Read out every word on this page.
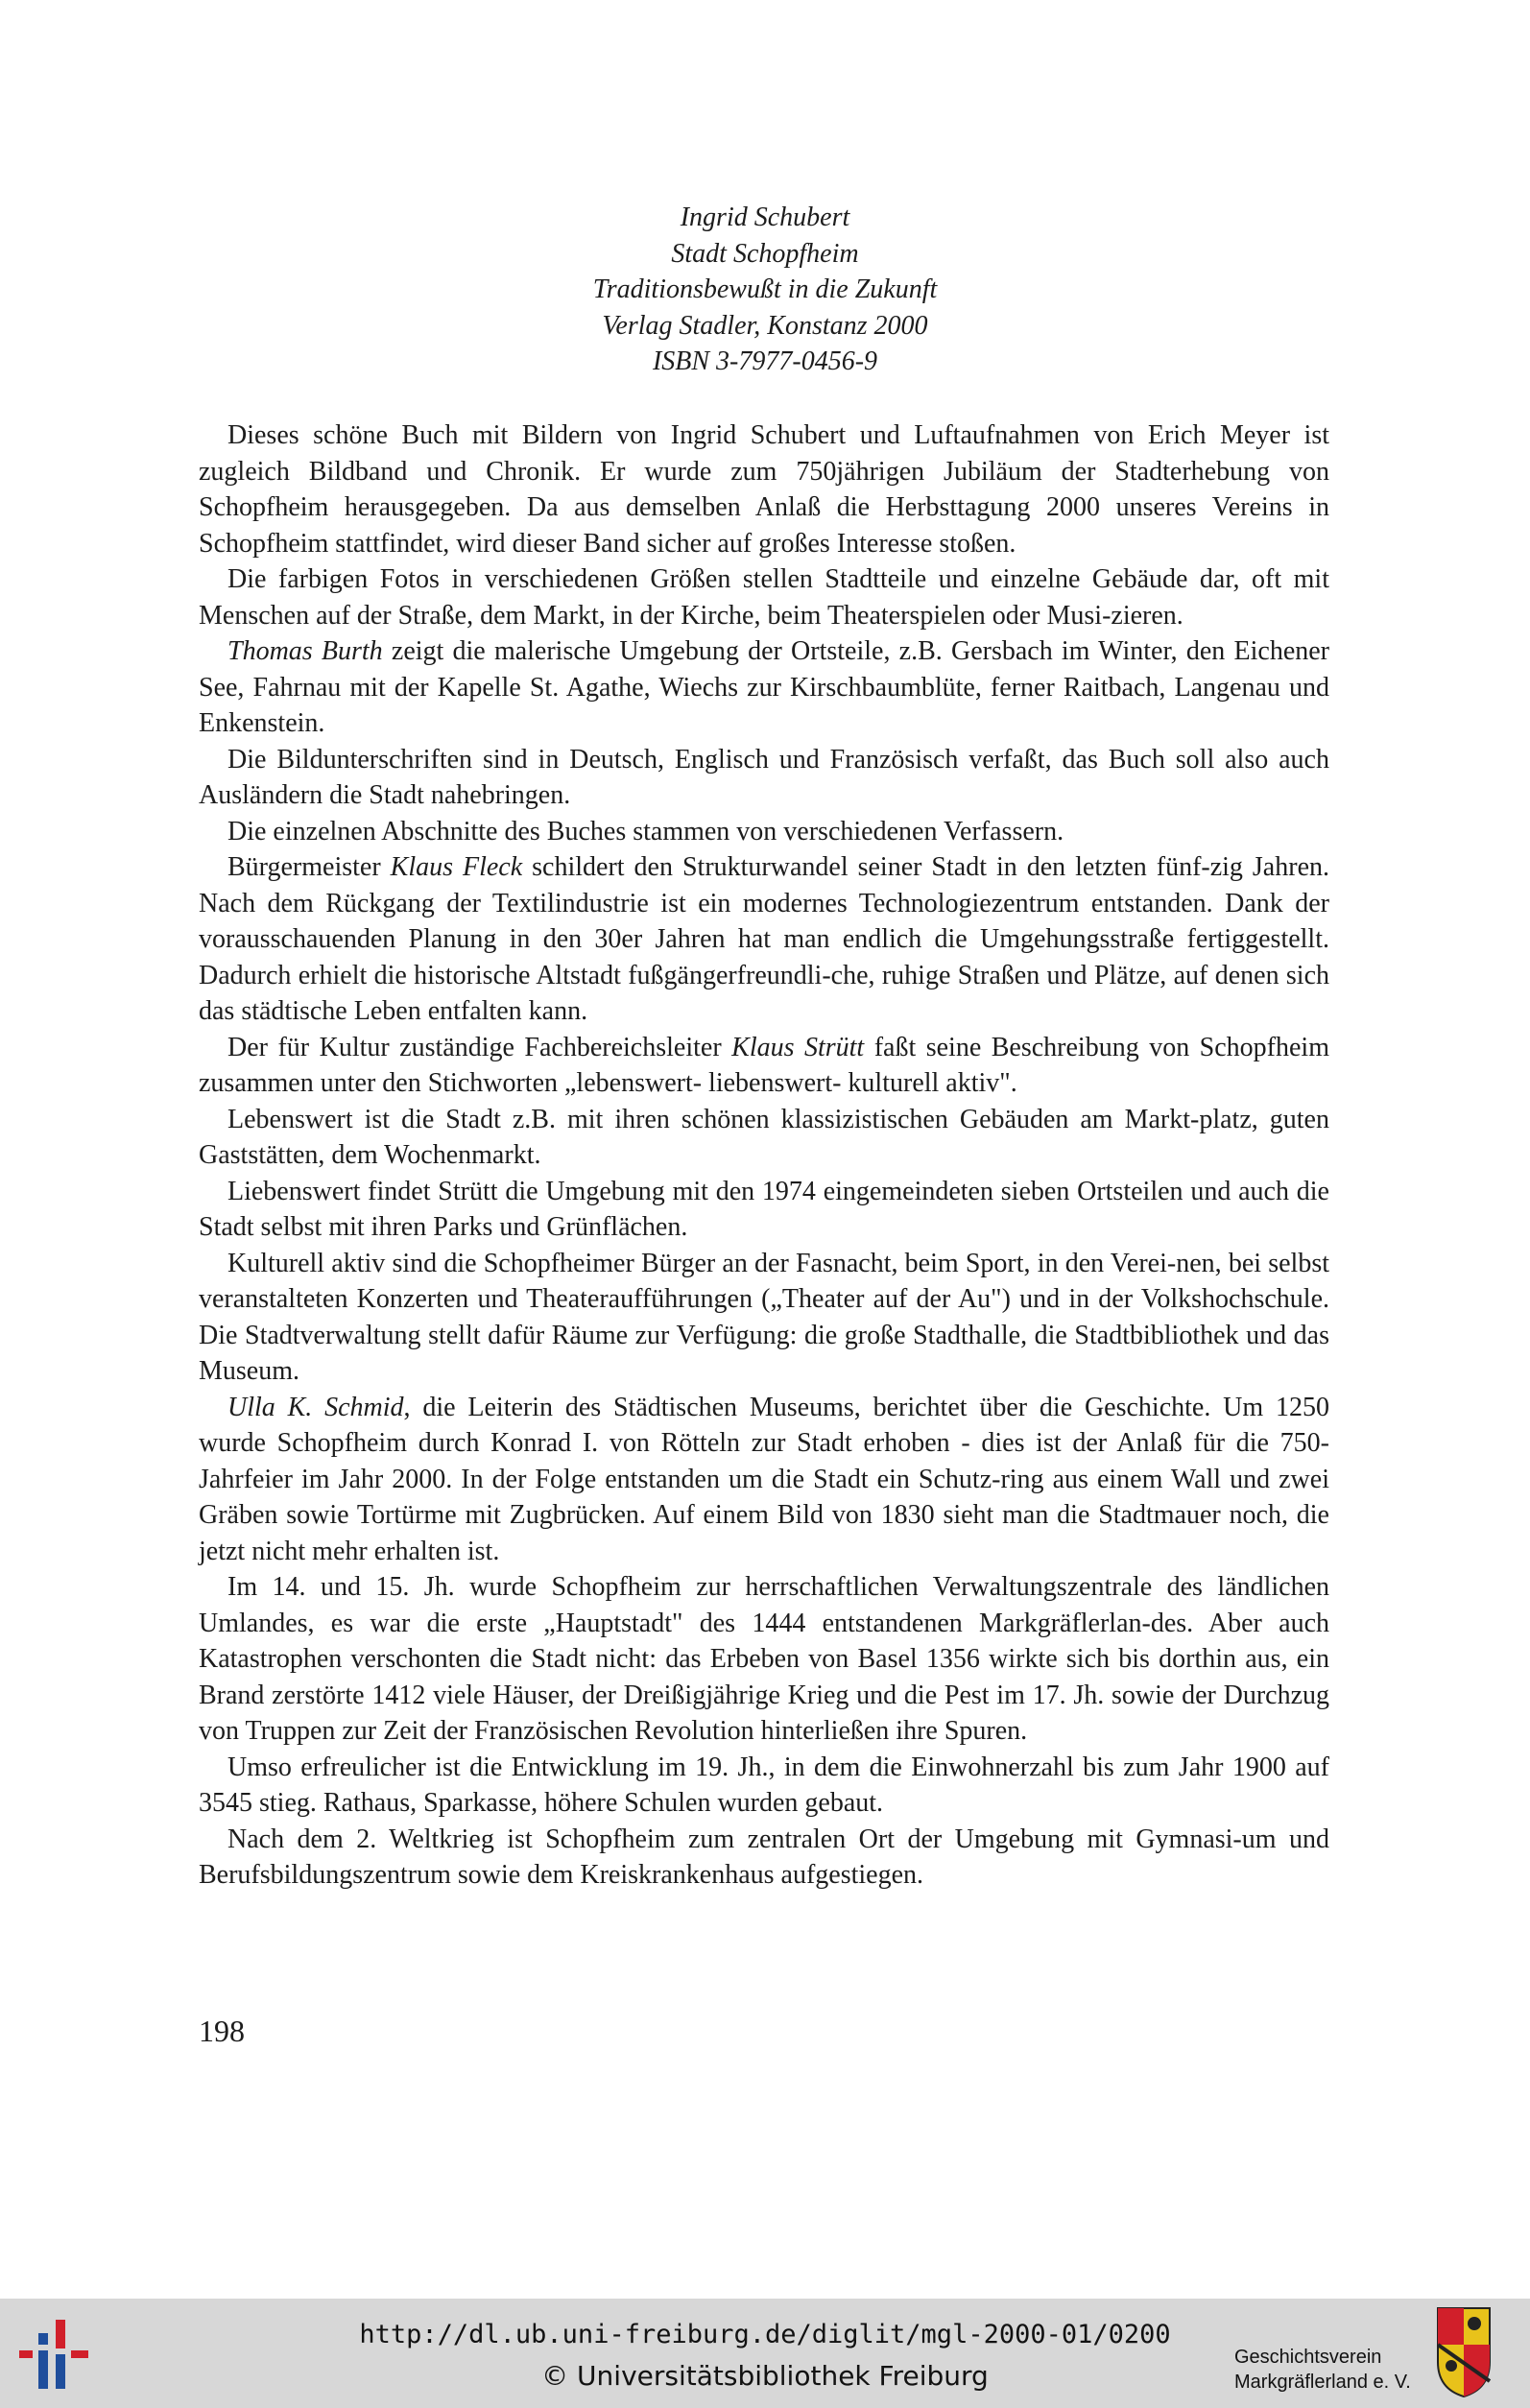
Ingrid Schubert
Stadt Schopfheim
Traditionsbewußt in die Zukunft
Verlag Stadler, Konstanz 2000
ISBN 3-7977-0456-9

Dieses schöne Buch mit Bildern von Ingrid Schubert und Luftaufnahmen von Erich Meyer ist zugleich Bildband und Chronik. Er wurde zum 750jährigen Jubiläum der Stadterhebung von Schopfheim herausgegeben. Da aus demselben Anlaß die Herbsttagung 2000 unseres Vereins in Schopfheim stattfindet, wird dieser Band sicher auf großes Interesse stoßen.

Die farbigen Fotos in verschiedenen Größen stellen Stadtteile und einzelne Gebäude dar, oft mit Menschen auf der Straße, dem Markt, in der Kirche, beim Theaterspielen oder Musi-zieren.

Thomas Burth zeigt die malerische Umgebung der Ortsteile, z.B. Gersbach im Winter, den Eichener See, Fahrnau mit der Kapelle St. Agathe, Wiechs zur Kirschbaumblüte, ferner Raitbach, Langenau und Enkenstein.

Die Bildunterschriften sind in Deutsch, Englisch und Französisch verfaßt, das Buch soll also auch Ausländern die Stadt nahebringen.

Die einzelnen Abschnitte des Buches stammen von verschiedenen Verfassern.

Bürgermeister Klaus Fleck schildert den Strukturwandel seiner Stadt in den letzten fünf-zig Jahren. Nach dem Rückgang der Textilindustrie ist ein modernes Technologiezentrum entstanden. Dank der vorausschauenden Planung in den 30er Jahren hat man endlich die Umgehungsstraße fertiggestellt. Dadurch erhielt die historische Altstadt fußgängerfreundli-che, ruhige Straßen und Plätze, auf denen sich das städtische Leben entfalten kann.

Der für Kultur zuständige Fachbereichsleiter Klaus Strütt faßt seine Beschreibung von Schopfheim zusammen unter den Stichworten „lebenswert- liebenswert- kulturell aktiv".

Lebenswert ist die Stadt z.B. mit ihren schönen klassizistischen Gebäuden am Markt-platz, guten Gaststätten, dem Wochenmarkt.

Liebenswert findet Strütt die Umgebung mit den 1974 eingemeindeten sieben Ortsteilen und auch die Stadt selbst mit ihren Parks und Grünflächen.

Kulturell aktiv sind die Schopfheimer Bürger an der Fasnacht, beim Sport, in den Verei-nen, bei selbst veranstalteten Konzerten und Theateraufführungen („Theater auf der Au") und in der Volkshochschule. Die Stadtverwaltung stellt dafür Räume zur Verfügung: die große Stadthalle, die Stadtbibliothek und das Museum.

Ulla K. Schmid, die Leiterin des Städtischen Museums, berichtet über die Geschichte. Um 1250 wurde Schopfheim durch Konrad I. von Rötteln zur Stadt erhoben - dies ist der Anlaß für die 750-Jahrfeier im Jahr 2000. In der Folge entstanden um die Stadt ein Schutz-ring aus einem Wall und zwei Gräben sowie Tortürme mit Zugbrücken. Auf einem Bild von 1830 sieht man die Stadtmauer noch, die jetzt nicht mehr erhalten ist.

Im 14. und 15. Jh. wurde Schopfheim zur herrschaftlichen Verwaltungszentrale des ländlichen Umlandes, es war die erste „Hauptstadt" des 1444 entstandenen Markgräflerlan-des. Aber auch Katastrophen verschonten die Stadt nicht: das Erbeben von Basel 1356 wirkte sich bis dorthin aus, ein Brand zerstörte 1412 viele Häuser, der Dreißigjährige Krieg und die Pest im 17. Jh. sowie der Durchzug von Truppen zur Zeit der Französischen Revolution hinterließen ihre Spuren.

Umso erfreulicher ist die Entwicklung im 19. Jh., in dem die Einwohnerzahl bis zum Jahr 1900 auf 3545 stieg. Rathaus, Sparkasse, höhere Schulen wurden gebaut.

Nach dem 2. Weltkrieg ist Schopfheim zum zentralen Ort der Umgebung mit Gymnasi-um und Berufsbildungszentrum sowie dem Kreiskrankenhaus aufgestiegen.

198
http://dl.ub.uni-freiburg.de/diglit/mgl-2000-01/0200
© Universitätsbibliothek Freiburg
Geschichtsverein
Markgräflerland e. V.
